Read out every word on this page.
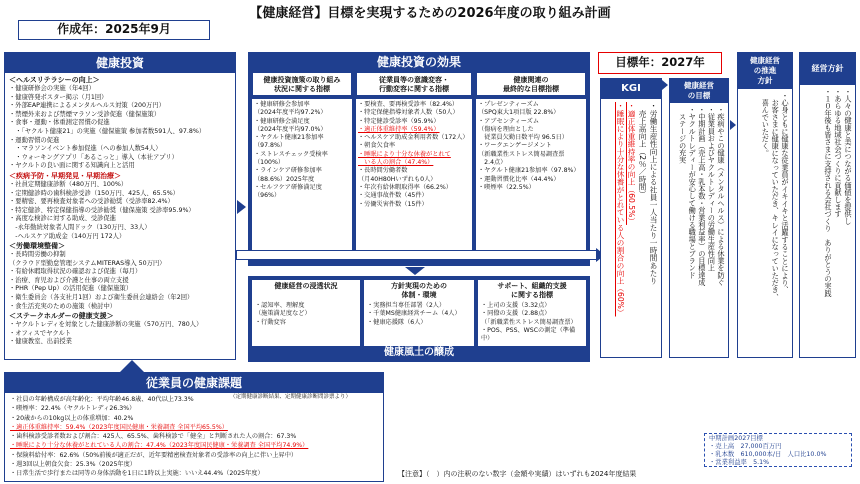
【健康経営】目標を実現するための2026年度の取り組み計画
作成年：2025年9月
健康投資
＜ヘルスリテラシーの向上＞
・健康研修会の実施（年4回）
・健康啓発ポスター掲示（月1回）
・外部EAP連携によるメンタルヘルス対策（200万円）
・禁煙外来および禁煙マラソン受診促進（健保施策）
・食事・運動・体重測定習慣の促進
　・「ヤクルト健康21」の実施（健保施策 参加者数591人、97.8%）
・運動習慣の促進
　・マラソンイベント参加促進（への参加人数54人）
　・ウォーキングアプリ「あるこっと」導入（本社アプリ）
・ヤクルトの良い面に関する知識向上と活用
＜疾病予防・早期発見・早期治療＞
・社員定期健康診断（480万円、100%）
・定期健診時の歯科検診受診（150万円、425人、65.5%）
・要精密、要再検査対象者への受診勧奨（受診率82.4%）
・特定健診、特定保健指導の受診勧奨（健保施策 受診率95.9%）
・高度な検診に対する助成、受診促進
　-永年勤続対象者人間ドック（130万円、33人）
　-ヘルスケア助成金（140万円 172人）
＜労働環境整備＞
・長時間労働の抑制
（クラウド型勤怠管理システムMITERAS導入 50万円）
・有給休暇取得状況の確認および促進（毎月）
・治療、育児および介護と仕事の両立支援
・PHR（Pep Up）の活用促進（健保施策）
・衛生委員会（各支社月1回）および衛生委員会連絡会（年2回）
・食生活充実のための施策（検討中）
＜ステークホルダーの健康支援＞
・ヤクルトレディを対象とした健康診断の実施（570万円、780人）
・オフィスでヤクルト
・健康教室、出前授業
健康投資の効果
健康投資施策の取り組み
状況に関する指標
・健康研修会参加率
（2024年度平均97.2%）
・健康研修会満足度
（2024年度平均97.0%）
・ヤクルト健康21参加率
（97.8%）
・ストレスチェック受検率
（100%）
・ラインケア研修参加率
（88.6%）2025年度
・セルフケア研修満足度
（96%）
従業員等の意識変容・
行動変容に関する指標
・要検査、要再検受診率（82.4%）
・特定保健指導対象者人数（50人）
・特定健診受診率（95.9%）
・適正体重維持率（59.4%）
・ヘルスケア助成金利用者数（172人）
・朝食欠食率
・睡眠により十分な休養がとれて
　いる人の割合（47.4%）
・長時間労働者数
（月40H80Hいずれも0人）
・年次有給休暇取得率（66.2%）
・交通事故件数（45件）
・労働災害件数（15件）
健康関連の
最終的な目標指標
・プレゼンティーズム
（SPQ東大1項目版 22.8%）
・アブセンティーズム
（傷病を理由とした
　従業員欠勤日数平均 96.5日）
・ワークエンゲージメント
（新職業性ストレス簡易調査票
　2.4点）
・ヤクルト健康21参加率（97.8%）
・運動習慣化比率（44.4%）
・喫煙率（22.5%）
健康経営の浸透状況
・認知率、理解度
（施策満足度など）
・行動変容
方針実現のための
体制・環境
・実務担当専任部署（2人）
・千葉MS健康経営チーム（4人）
・健康応援隊（6人）
サポート、組織的支援
に関する指標
・上司の支援（3.32点）
・同僚の支援（2.88点）
（「新職業性ストレス簡易調査票）
・POS、PSS、WSCの測定（準備中）
健康風土の醸成
目標年：2027年
KGI
・労働生産性向上による社員一人当たり一時間あたり
　売上高向上（2％／時間）
・適正体重維持率の向上（60.5%）
・睡眠により十分な休養がとれている人の割合の向上（60%）
健康経営
の目標
・疾病やこの健康（メンタルヘルス）による休業を防ぐ
・従業員およびヤクルトレディーの労働生産性向上
・中期計画（売上高・乳本数・営業利益率）の目標達成
・ヤクルトレディーが安心して働ける職場とブランド
　ステージの充実
健康経営
の推進
方針
・心身ともに健康な従業員がイキイキと活躍することにより、
　お客さまに健康になっていただき、キレイになっていただき、
　喜んでいただく。
経営方針
・人々の健康と美につながる価値を提供し
・あらゆる地域社会づくりに貢献します
・１０年後も皆さまに支持される会社づくり　ありがとうの実践
従業員の健康課題
（定期健康診断結果、定期健康診断問診票より）
・社員の年齢構成が高年齢化：平均年齢46.8歳、40代以上73.3%
・喫煙率：22.4%（ヤクルトレディ26.3%）
・20歳からの10kg以上の体重増加：40.2%
・適正体重維持率：59.4%（2023年度国民健康・栄養調査 全国平均65.5%）
・歯科検診受診者数および割合：425人、65.5%、歯科検診で「健全」と判断された人の割合：67.3%
・睡眠により十分な休養がとれている人の割合：47.4%（2023年度国民健康・栄養調査 全国平均74.9%）
・保険料給付率：62.6%（50%前後が適正だが、近年要精密検査対象者の受診率の向上に伴い上昇中）
・週3回以上朝食欠食：25.3%（2025年度）
・日常生活で歩行または同等の身体活動を1日に1時以上実施：いいえ44.4%（2025年度）
中期計画2027目標
・売上高　27,000百万円
・乳本数　610,000本/日　人口比10.0%
・営業利益率　5.1%
【注意】（　）内の注釈のない数字（金額や実績）はいずれも2024年度結果
